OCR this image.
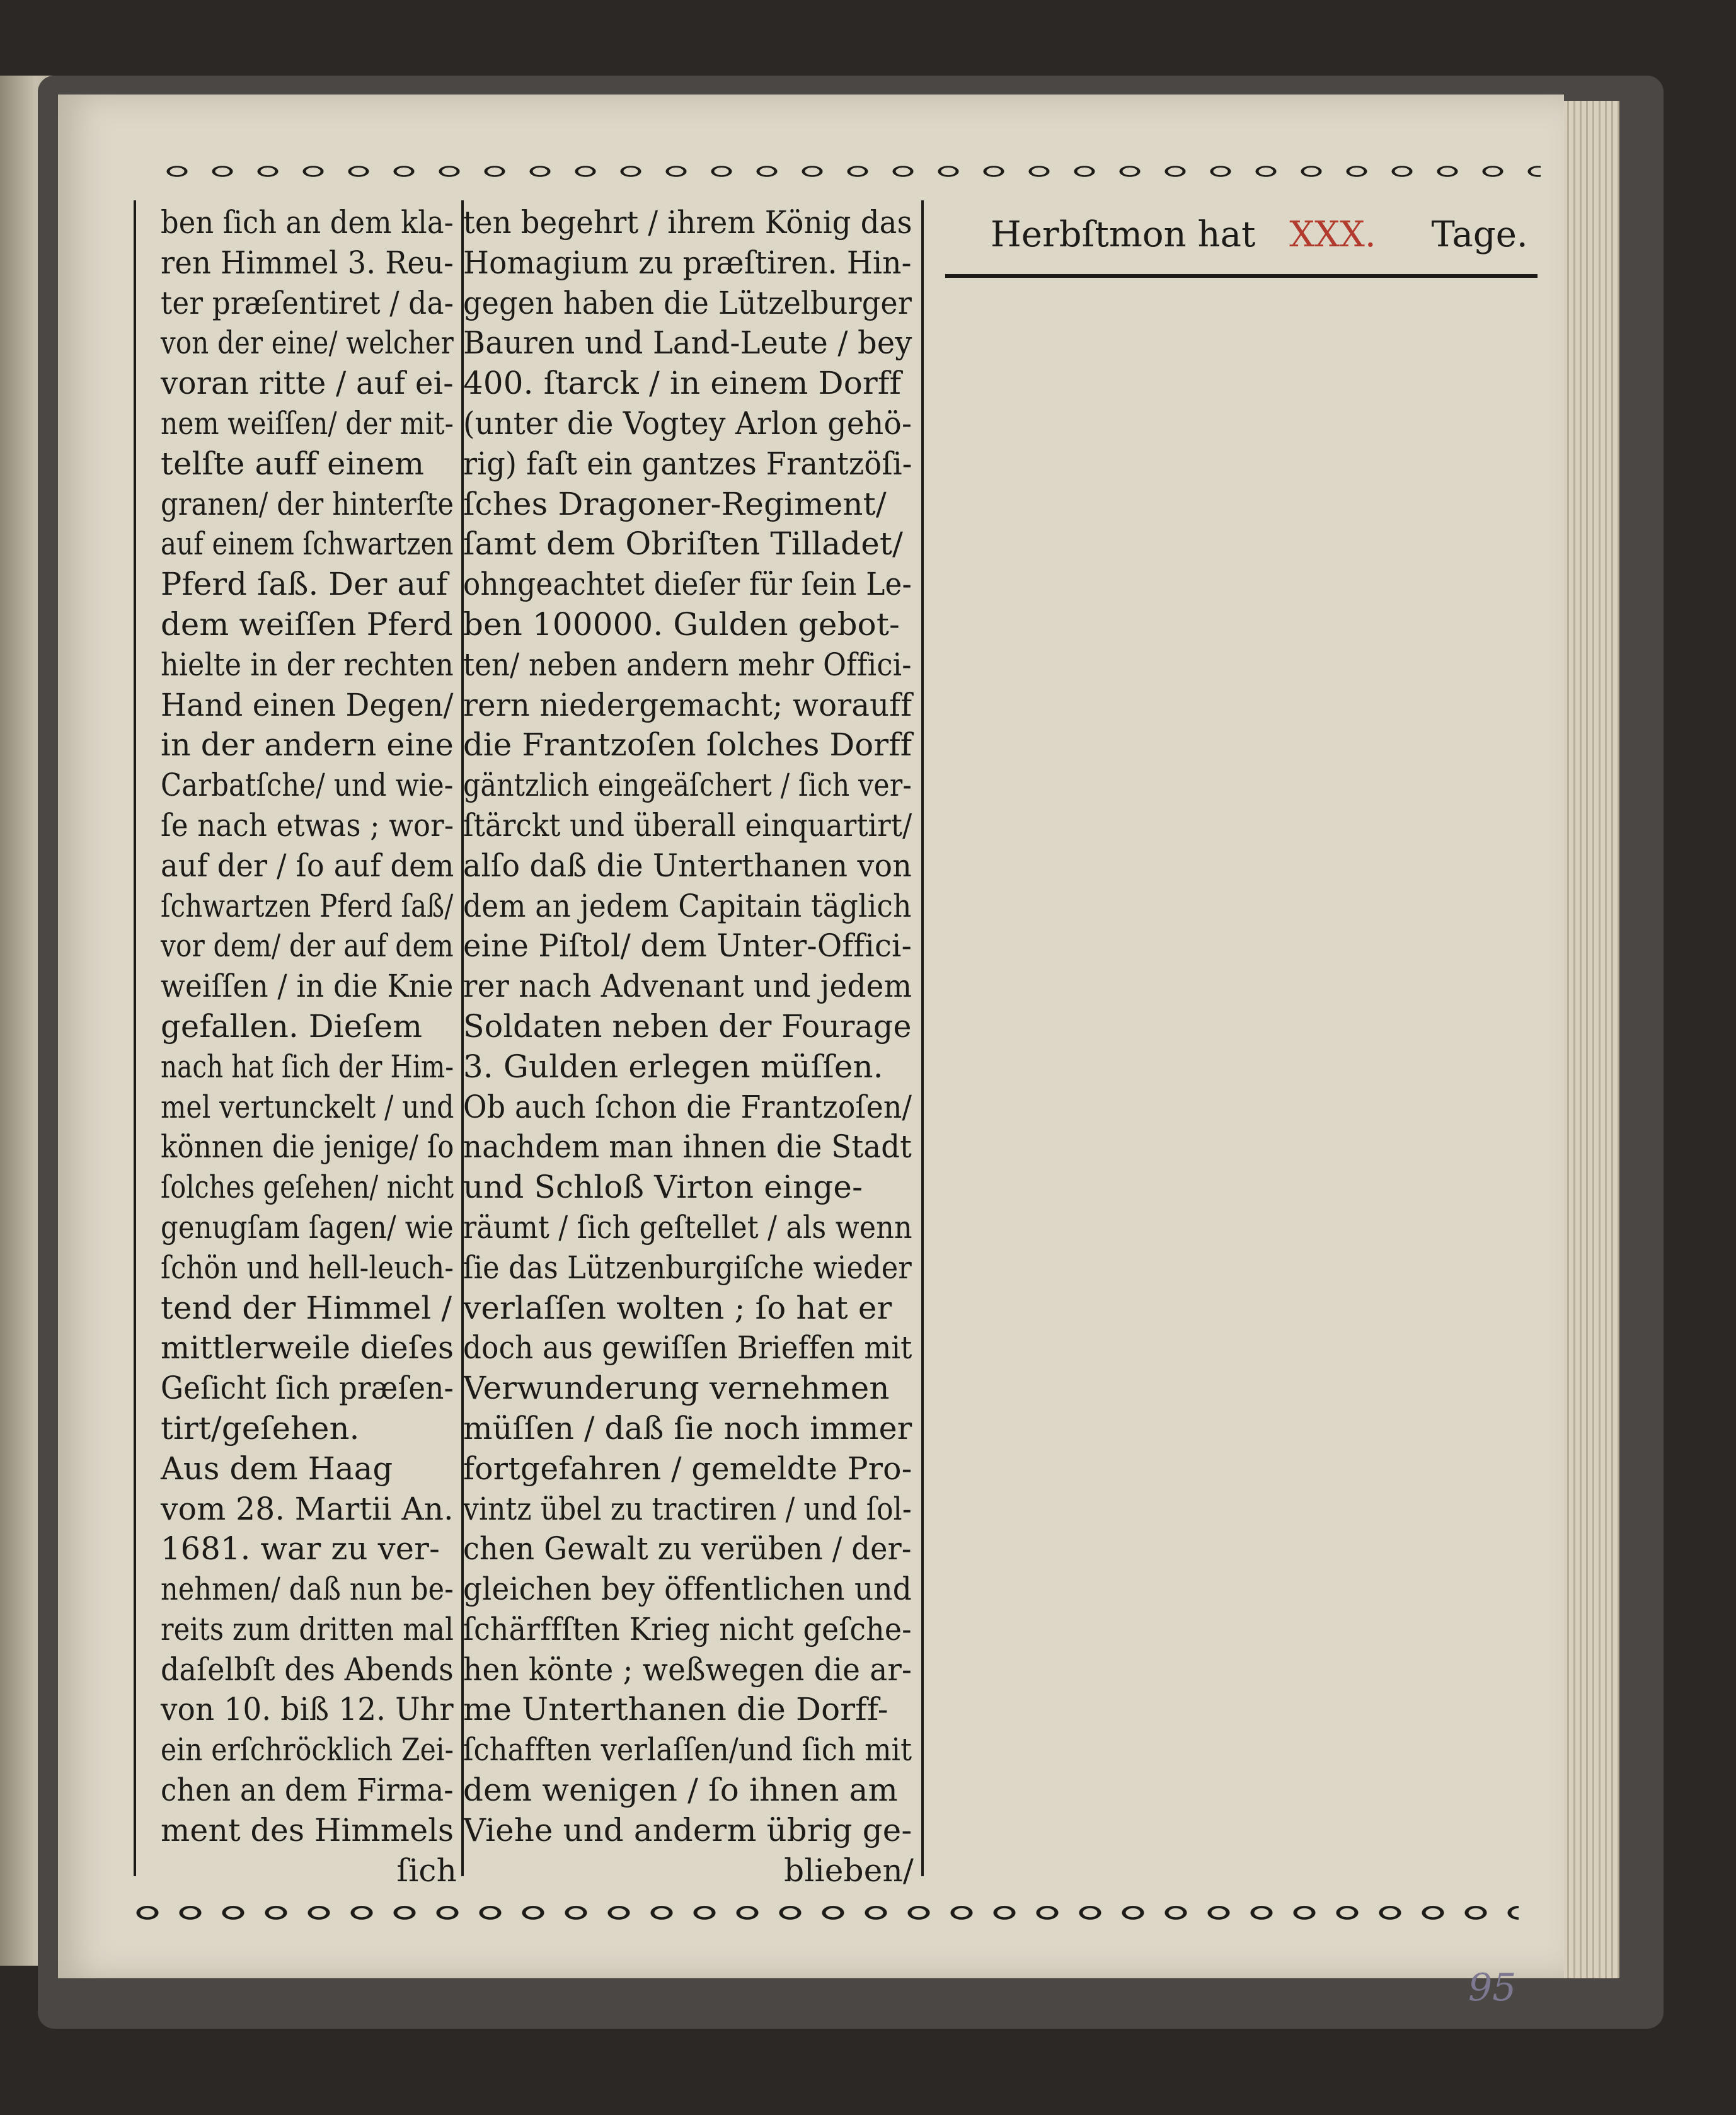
ben ſich an dem kla-
ren Himmel 3. Reu-
ter præſentiret / da-
von der eine/ welcher
voran ritte / auf ei-
nem weiſſen/ der mit-
telſte auff einem
granen/ der hinterſte
auf einem ſchwartzen
Pferd ſaß. Der auf
dem weiſſen Pferd
hielte in der rechten
Hand einen Degen/
in der andern eine
Carbatſche/ und wie-
ſe nach etwas ; wor-
auf der / ſo auf dem
ſchwartzen Pferd ſaß/
vor dem/ der auf dem
weiſſen / in die Knie
gefallen. Dieſem
nach hat ſich der Him-
mel vertunckelt / und
können die jenige/ ſo
ſolches geſehen/ nicht
genugſam ſagen/ wie
ſchön und hell-leuch-
tend der Himmel /
mittlerweile dieſes
Geſicht ſich præſen-
tirt/geſehen.
Aus dem Haag
vom 28. Martii An.
1681. war zu ver-
nehmen/ daß nun be-
reits zum dritten mal
daſelbſt des Abends
von 10. biß 12. Uhr
ein erſchröcklich Zei-
chen an dem Firma-
ment des Himmels
ſich
ten begehrt / ihrem König das
Homagium zu præſtiren. Hin-
gegen haben die Lützelburger
Bauren und Land-Leute / bey
400. ſtarck / in einem Dorff
(unter die Vogtey Arlon gehö-
rig) faſt ein gantzes Frantzöſi-
ſches Dragoner-Regiment/
ſamt dem Obriſten Tilladet/
ohngeachtet dieſer für ſein Le-
ben 100000. Gulden gebot-
ten/ neben andern mehr Offici-
rern niedergemacht; worauff
die Frantzoſen ſolches Dorff
gäntzlich eingeäſchert / ſich ver-
ſtärckt und überall einquartirt/
alſo daß die Unterthanen von
dem an jedem Capitain täglich
eine Piſtol/ dem Unter-Offici-
rer nach Advenant und jedem
Soldaten neben der Fourage
3. Gulden erlegen müſſen.
Ob auch ſchon die Frantzoſen/
nachdem man ihnen die Stadt
und Schloß Virton einge-
räumt / ſich geſtellet / als wenn
ſie das Lützenburgiſche wieder
verlaſſen wolten ; ſo hat er
doch aus gewiſſen Brieffen mit
Verwunderung vernehmen
müſſen / daß ſie noch immer
fortgefahren / gemeldte Pro-
vintz übel zu tractiren / und ſol-
chen Gewalt zu verüben / der-
gleichen bey öffentlichen und
ſchärffſten Krieg nicht geſche-
hen könte ; weßwegen die ar-
me Unterthanen die Dorff-
ſchafften verlaſſen/und ſich mit
dem wenigen / ſo ihnen am
Viehe und anderm übrig ge-
blieben/
Herbſtmon hat XXX. Tage.

95
